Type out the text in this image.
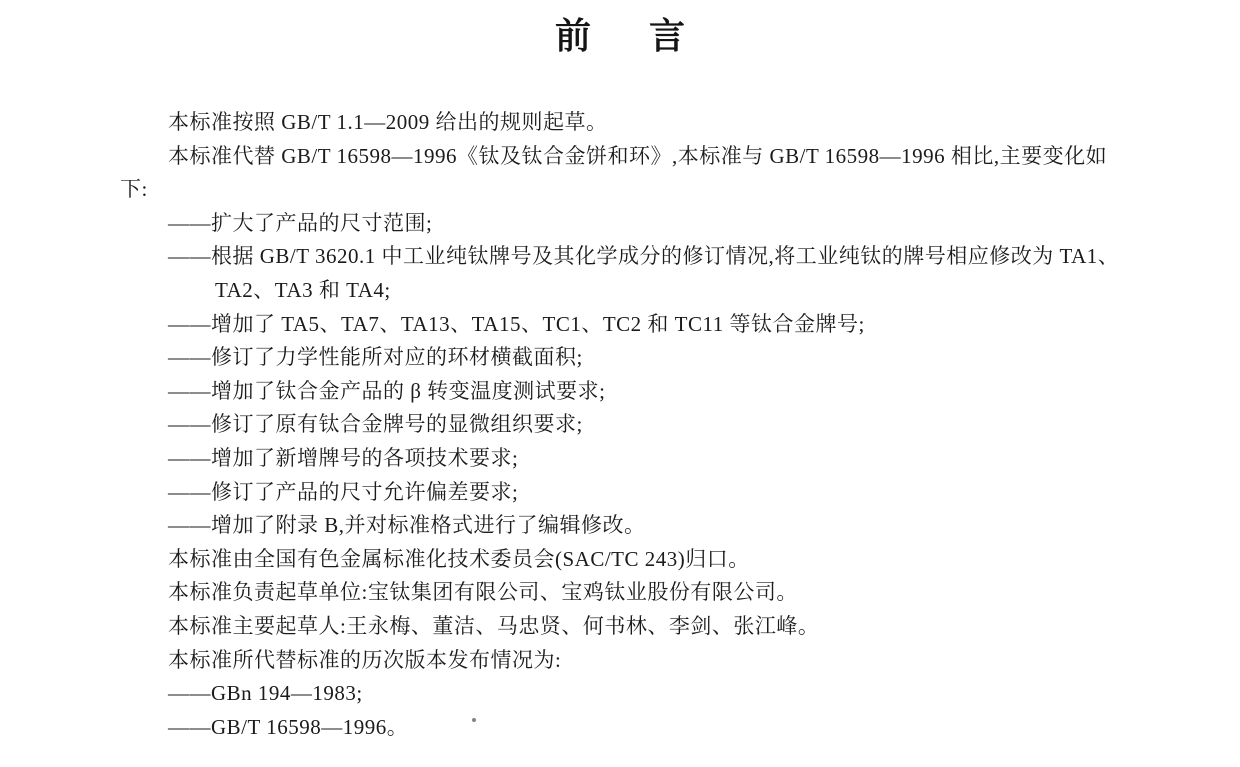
前 言

本标准按照 GB/T 1.1—2009 给出的规则起草。

本标准代替 GB/T 16598—1996《钛及钛合金饼和环》,本标准与 GB/T 16598—1996 相比,主要变化如下:

——扩大了产品的尺寸范围;

——根据 GB/T 3620.1 中工业纯钛牌号及其化学成分的修订情况,将工业纯钛的牌号相应修改为 TA1、TA2、TA3 和 TA4;

——增加了 TA5、TA7、TA13、TA15、TC1、TC2 和 TC11 等钛合金牌号;

——修订了力学性能所对应的环材横截面积;

——增加了钛合金产品的 β 转变温度测试要求;

——修订了原有钛合金牌号的显微组织要求;

——增加了新增牌号的各项技术要求;

——修订了产品的尺寸允许偏差要求;

——增加了附录 B,并对标准格式进行了编辑修改。

本标准由全国有色金属标准化技术委员会(SAC/TC 243)归口。

本标准负责起草单位:宝钛集团有限公司、宝鸡钛业股份有限公司。

本标准主要起草人:王永梅、董洁、马忠贤、何书林、李剑、张江峰。

本标准所代替标准的历次版本发布情况为:

——GBn 194—1983;

——GB/T 16598—1996。
